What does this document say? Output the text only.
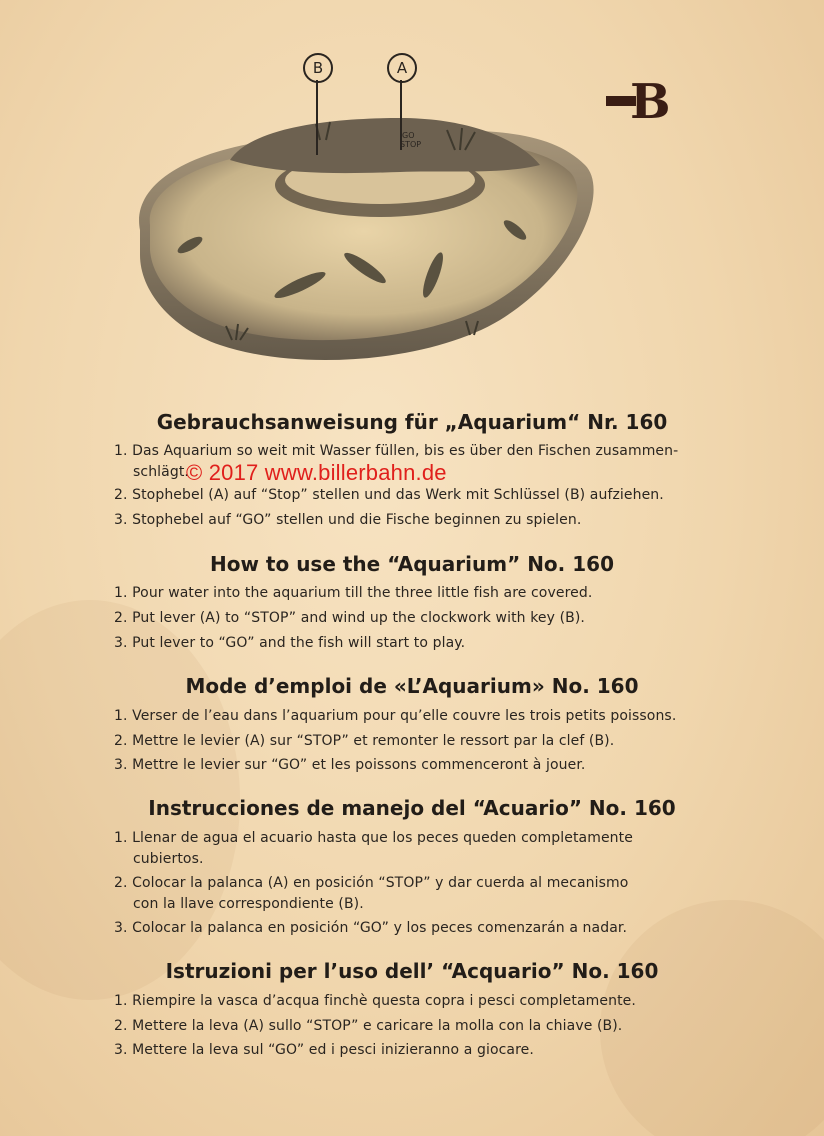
GO
STOP
B	A
B
Gebrauchsanweisung für „Aquarium“ Nr. 160
1. Das Aquarium so weit mit Wasser füllen, bis es über den Fischen zusammen-
schlägt.
2. Stophebel (A) auf “Stop” stellen und das Werk mit Schlüssel (B) aufziehen.
3. Stophebel auf “GO” stellen und die Fische beginnen zu spielen.
© 2017 www.billerbahn.de
How to use the “Aquarium” No. 160
1. Pour water into the aquarium till the three little fish are covered.
2. Put lever (A) to “STOP” and wind up the clockwork with key (B).
3. Put lever to “GO” and the fish will start to play.
Mode d’emploi de «L’Aquarium» No. 160
1. Verser de l’eau dans l’aquarium pour qu’elle couvre les trois petits poissons.
2. Mettre le levier (A) sur “STOP” et remonter le ressort par la clef (B).
3. Mettre le levier sur “GO” et les poissons commenceront à jouer.
Instrucciones de manejo del “Acuario” No. 160
1. Llenar de agua el acuario hasta que los peces queden completamente
cubiertos.
2. Colocar la palanca (A) en posición “STOP” y dar cuerda al mecanismo
con la llave correspondiente (B).
3. Colocar la palanca en posición “GO” y los peces comenzarán a nadar.
Istruzioni per l’uso dell’ “Acquario” No. 160
1. Riempire la vasca d’acqua finchè questa copra i pesci completamente.
2. Mettere la leva (A) sullo “STOP” e caricare la molla con la chiave (B).
3. Mettere la leva sul “GO” ed i pesci inizieranno a giocare.
